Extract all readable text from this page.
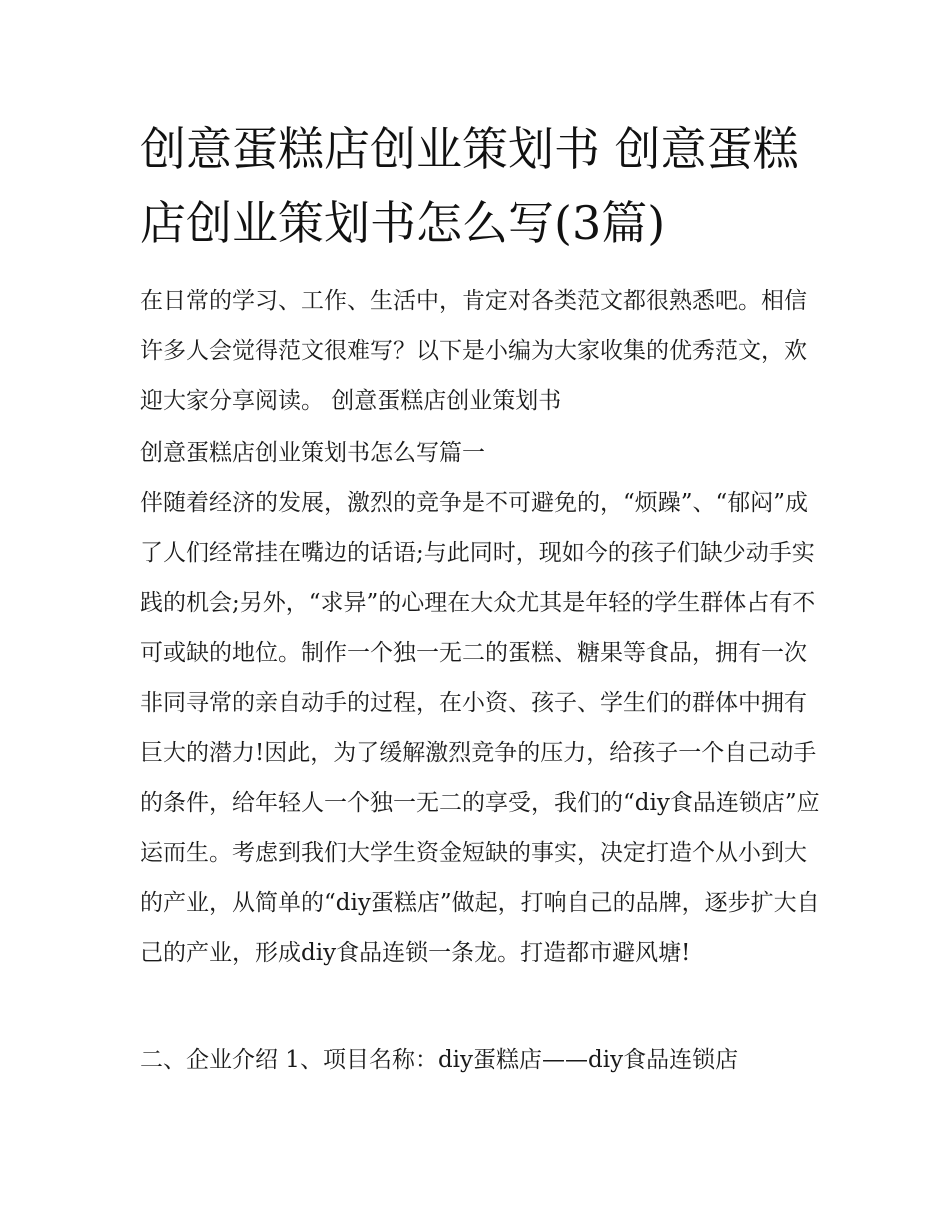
创意蛋糕店创业策划书 创意蛋糕店创业策划书怎么写(3篇)

在日常的学习、工作、生活中，肯定对各类范文都很熟悉吧。相信许多人会觉得范文很难写？以下是小编为大家收集的优秀范文，欢迎大家分享阅读。 创意蛋糕店创业策划书

创意蛋糕店创业策划书怎么写篇一

伴随着经济的发展，激烈的竞争是不可避免的，“烦躁”、“郁闷”成了人们经常挂在嘴边的话语;与此同时，现如今的孩子们缺少动手实践的机会;另外，“求异”的心理在大众尤其是年轻的学生群体占有不可或缺的地位。制作一个独一无二的蛋糕、糖果等食品，拥有一次非同寻常的亲自动手的过程，在小资、孩子、学生们的群体中拥有巨大的潜力!因此，为了缓解激烈竞争的压力，给孩子一个自己动手的条件，给年轻人一个独一无二的享受，我们的“diy食品连锁店”应运而生。考虑到我们大学生资金短缺的事实，决定打造个从小到大的产业，从简单的“diy蛋糕店”做起，打响自己的品牌，逐步扩大自己的产业，形成diy食品连锁一条龙。打造都市避风塘!

二、企业介绍 1、项目名称：diy蛋糕店——diy食品连锁店
